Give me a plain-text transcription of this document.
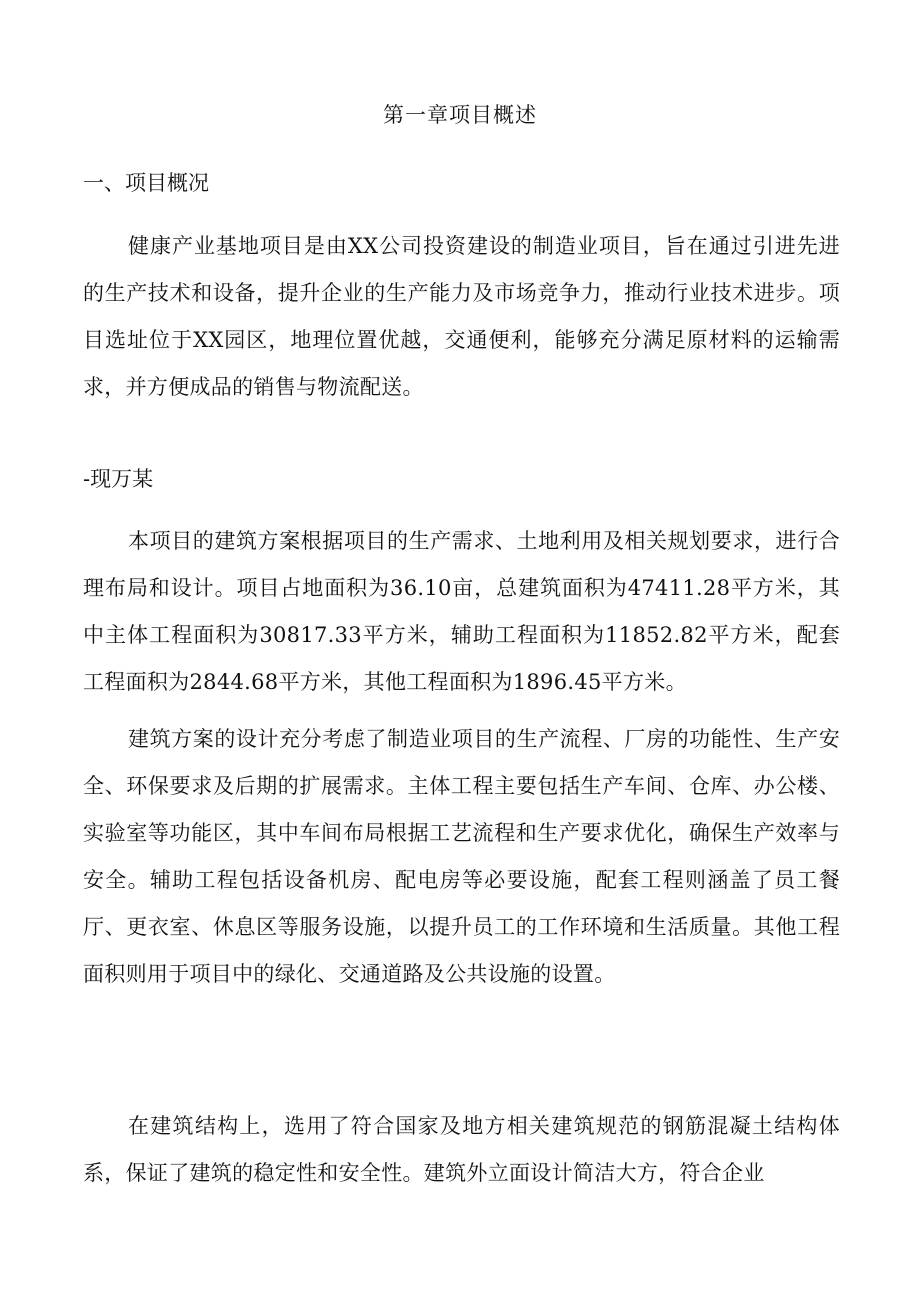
第一章项目概述
一、项目概况
健康产业基地项目是由XX公司投资建设的制造业项目，旨在通过引进先进的生产技术和设备，提升企业的生产能力及市场竞争力，推动行业技术进步。项目选址位于XX园区，地理位置优越，交通便利，能够充分满足原材料的运输需求，并方便成品的销售与物流配送。
-现万某
本项目的建筑方案根据项目的生产需求、土地利用及相关规划要求，进行合理布局和设计。项目占地面积为36.10亩，总建筑面积为47411.28平方米，其中主体工程面积为30817.33平方米，辅助工程面积为11852.82平方米，配套工程面积为2844.68平方米，其他工程面积为1896.45平方米。
建筑方案的设计充分考虑了制造业项目的生产流程、厂房的功能性、生产安全、环保要求及后期的扩展需求。主体工程主要包括生产车间、仓库、办公楼、实验室等功能区，其中车间布局根据工艺流程和生产要求优化，确保生产效率与安全。辅助工程包括设备机房、配电房等必要设施，配套工程则涵盖了员工餐厅、更衣室、休息区等服务设施，以提升员工的工作环境和生活质量。其他工程面积则用于项目中的绿化、交通道路及公共设施的设置。
在建筑结构上，选用了符合国家及地方相关建筑规范的钢筋混凝土结构体系，保证了建筑的稳定性和安全性。建筑外立面设计简洁大方，符合企业
